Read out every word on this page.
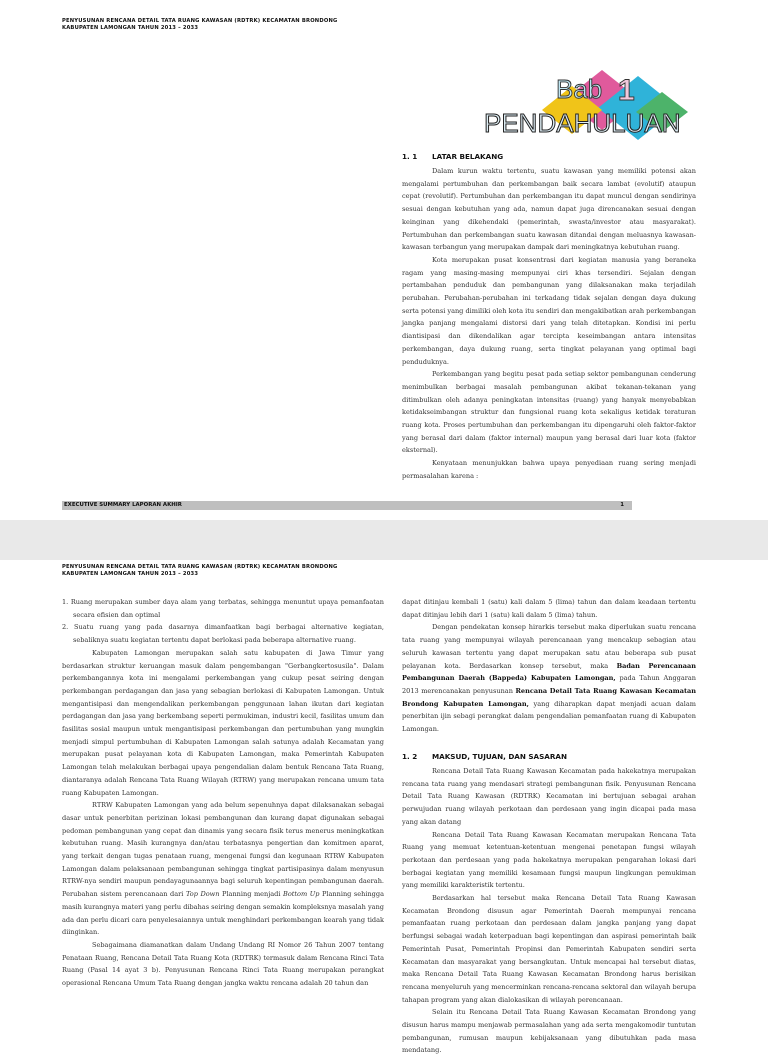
PENYUSUNAN RENCANA DETAIL TATA RUANG KAWASAN (RDTRK) KECAMATAN BRONDONG
KABUPATEN LAMONGAN TAHUN 2013 – 2033
Bab 1
PENDAHULUAN
1. 1 LATAR BELAKANG

Dalam kurun waktu tertentu, suatu kawasan yang memiliki potensi akan mengalami pertumbuhan dan perkembangan baik secara lambat (evolutif) ataupun cepat (revolutif). Pertumbuhan dan perkembangan itu dapat muncul dengan sendirinya sesuai dengan kebutuhan yang ada, namun dapat juga direncanakan sesuai dengan keinginan yang dikehendaki (pemerintah, swasta/investor atau masyarakat). Pertumbuhan dan perkembangan suatu kawasan ditandai dengan meluasnya kawasan-kawasan terbangun yang merupakan dampak dari meningkatnya kebutuhan ruang.

Kota merupakan pusat konsentrasi dari kegiatan manusia yang beraneka ragam yang masing-masing mempunyai ciri khas tersendiri. Sejalan dengan pertambahan penduduk dan pembangunan yang dilaksanakan maka terjadilah perubahan. Perubahan-perubahan ini terkadang tidak sejalan dengan daya dukung serta potensi yang dimiliki oleh kota itu sendiri dan mengakibatkan arah perkembangan jangka panjang mengalami distorsi dari yang telah ditetapkan. Kondisi ini perlu diantisipasi dan dikendalikan agar tercipta keseimbangan antara intensitas perkembangan, daya dukung ruang, serta tingkat pelayanan yang optimal bagi penduduknya.

Perkembangan yang begitu pesat pada setiap sektor pembangunan cenderung menimbulkan berbagai masalah pembangunan akibat tekanan-tekanan yang ditimbulkan oleh adanya peningkatan intensitas (ruang) yang hanyak menyebabkan ketidakseimbangan struktur dan fungsional ruang kota sekaligus ketidak teraturan ruang kota. Proses pertumbuhan dan perkembangan itu dipengaruhi oleh faktor-faktor yang berasal dari dalam (faktor internal) maupun yang berasal dari luar kota (faktor eksternal).

Kenyataan menunjukkan bahwa upaya penyediaan ruang sering menjadi permasalahan karena :

EXECUTIVE SUMMARY LAPORAN AKHIR	1
PENYUSUNAN RENCANA DETAIL TATA RUANG KAWASAN (RDTRK) KECAMATAN BRONDONG
KABUPATEN LAMONGAN TAHUN 2013 – 2033

1. Ruang merupakan sumber daya alam yang terbatas, sehingga menuntut upaya pemanfaatan secara efisien dan optimal

2. Suatu ruang yang pada dasarnya dimanfaatkan bagi berbagai alternative kegiatan, sebaliknya suatu kegiatan tertentu dapat berlokasi pada beberapa alternative ruang.

Kabupaten Lamongan merupakan salah satu kabupaten di Jawa Timur yang berdasarkan struktur keruangan masuk dalam pengembangan "Gerbangkertosusila". Dalam perkembangannya kota ini mengalami perkembangan yang cukup pesat seiring dengan perkembangan perdagangan dan jasa yang sebagian berlokasi di Kabupaten Lamongan. Untuk mengantisipasi dan mengendalikan perkembangan penggunaan lahan ikutan dari kegiatan perdagangan dan jasa yang berkembang seperti permukiman, industri kecil, fasilitas umum dan fasilitas sosial maupun untuk mengantisipasi perkembangan dan pertumbuhan yang mungkin menjadi simpul pertumbuhan di Kabupaten Lamongan salah satunya adalah Kecamatan yang merupakan pusat pelayanan kota di Kabupaten Lamongan, maka Pemerintah Kabupaten Lamongan telah melakukan berbagai upaya pengendalian dalam bentuk Rencana Tata Ruang, diantaranya adalah Rencana Tata Ruang Wilayah (RTRW) yang merupakan rencana umum tata ruang Kabupaten Lamongan.

RTRW Kabupaten Lamongan yang ada belum sepenuhnya dapat dilaksanakan sebagai dasar untuk penerbitan perizinan lokasi pembangunan dan kurang dapat digunakan sebagai pedoman pembangunan yang cepat dan dinamis yang secara fisik terus menerus meningkatkan kebutuhan ruang. Masih kurangnya dan/atau terbatasnya pengertian dan komitmen aparat, yang terkait dengan tugas penataan ruang, mengenai fungsi dan kegunaan RTRW Kabupaten Lamongan dalam pelaksanaan pembangunan sehingga tingkat partisipasinya dalam menyusun RTRW-nya sendiri maupun pendayagunaannya bagi seluruh kepentingan pembangunan daerah. Perubahan sistem perencanaan dari Top Down Planning menjadi Bottom Up Planning sehingga masih kurangnya materi yang perlu dibahas seiring dengan semakin kompleksnya masalah yang ada dan perlu dicari cara penyelesaiannya untuk menghindari perkembangan kearah yang tidak diinginkan.

Sebagaimana diamanatkan dalam Undang Undang RI Nomor 26 Tahun 2007 tentang Penataan Ruang, Rencana Detail Tata Ruang Kota (RDTRK) termasuk dalam Rencana Rinci Tata Ruang (Pasal 14 ayat 3 b). Penyusunan Rencana Rinci Tata Ruang merupakan perangkat operasional Rencana Umum Tata Ruang dengan jangka waktu rencana adalah 20 tahun dan

dapat ditinjau kembali 1 (satu) kali dalam 5 (lima) tahun dan dalam keadaan tertentu dapat ditinjau lebih dari 1 (satu) kali dalam 5 (lima) tahun.

Dengan pendekatan konsep hirarkis tersebut maka diperlukan suatu rencana tata ruang yang mempunyai wilayah perencanaan yang mencakup sebagian atau seluruh kawasan tertentu yang dapat merupakan satu atau beberapa sub pusat pelayanan kota. Berdasarkan konsep tersebut, maka Badan Perencanaan Pembangunan Daerah (Bappeda) Kabupaten Lamongan, pada Tahun Anggaran 2013 merencanakan penyusunan Rencana Detail Tata Ruang Kawasan Kecamatan Brondong Kabupaten Lamongan, yang diharapkan dapat menjadi acuan dalam penerbitan ijin sebagi perangkat dalam pengendalian pemanfaatan ruang di Kabupaten Lamongan.

1. 2 MAKSUD, TUJUAN, DAN SASARAN

Rencana Detail Tata Ruang Kawasan Kecamatan pada hakekatnya merupakan rencana tata ruang yang mendasari strategi pembangunan fisik. Penyusunan Rencana Detail Tata Ruang Kawasan (RDTRK) Kecamatan ini bertujuan sebagai arahan perwujudan ruang wilayah perkotaan dan perdesaan yang ingin dicapai pada masa yang akan datang

Rencana Detail Tata Ruang Kawasan Kecamatan merupakan Rencana Tata Ruang yang memuat ketentuan-ketentuan mengenai penetapan fungsi wilayah perkotaan dan perdesaan yang pada hakekatnya merupakan pengarahan lokasi dari berbagai kegiatan yang memiliki kesamaan fungsi maupun lingkungan pemukiman yang memiliki karakteristik tertentu.

Berdasarkan hal tersebut maka Rencana Detail Tata Ruang Kawasan Kecamatan Brondong disusun agar Pemerintah Daerah mempunyai rencana pemanfaatan ruang perkotaan dan perdesaan dalam jangka panjang yang dapat berfungsi sebagai wadah keterpaduan bagi kepentingan dan aspirasi pemerintah baik Pemerintah Pusat, Pemerintah Propinsi dan Pemerintah Kabupaten sendiri serta Kecamatan dan masyarakat yang bersangkutan. Untuk mencapai hal tersebut diatas, maka Rencana Detail Tata Ruang Kawasan Kecamatan Brondong harus berisikan rencana menyeluruh yang mencerminkan rencana-rencana sektoral dan wilayah berupa tahapan program yang akan dialokasikan di wilayah perencanaan.

Selain itu Rencana Detail Tata Ruang Kawasan Kecamatan Brondong yang disusun harus mampu menjawab permasalahan yang ada serta mengakomodir tuntutan pembangunan, rumusan maupun kebijaksanaan yang dibutuhkan pada masa mendatang.
